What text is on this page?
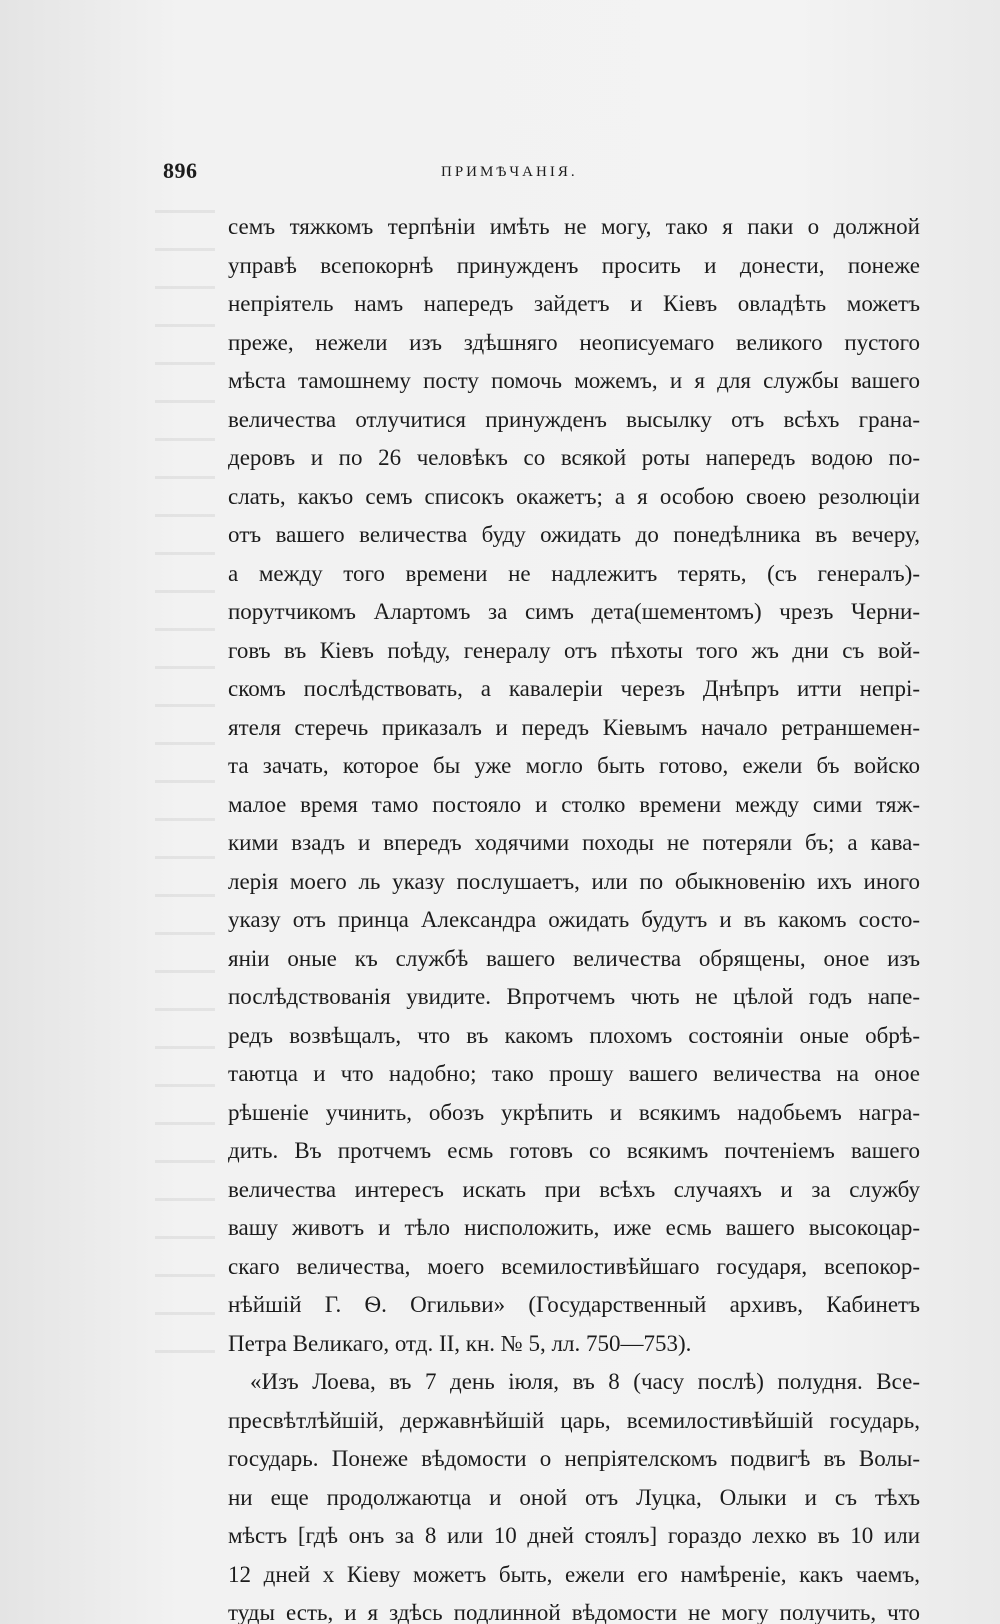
896	ПРИМѢЧАНІЯ.
семъ тяжкомъ терпѣніи имѣть не могу, тако я паки о должной
управѣ всепокорнѣ принужденъ просить и донести, понеже
непріятель намъ напередъ зайдетъ и Кіевъ овладѣть можетъ
преже, нежели изъ здѣшняго неописуемаго великого пустого
мѣста тамошнему посту помочь можемъ, и я для службы вашего
величества отлучитися принужденъ высылку отъ всѣхъ грана-
деровъ и по 26 человѣкъ со всякой роты напередъ водою по-
слать, какъо семъ списокъ окажетъ; а я особою своею резолюціи
отъ вашего величества буду ожидать до понедѣлника въ вечеру,
а между того времени не надлежитъ терять, (съ генералъ)-
порутчикомъ Алартомъ за симъ дета(шементомъ) чрезъ Черни-
говъ въ Кіевъ поѣду, генералу отъ пѣхоты того жъ дни съ вой-
скомъ послѣдствовать, а кавалеріи черезъ Днѣпръ итти непрі-
ятеля стеречь приказалъ и передъ Кіевымъ начало ретраншемен-
та зачать, которое бы уже могло быть готово, ежели бъ войско
малое время тамо постояло и столко времени между сими тяж-
кими взадъ и впередъ ходячими походы не потеряли бъ; а кава-
лерія моего ль указу послушаетъ, или по обыкновенію ихъ иного
указу отъ принца Александра ожидать будутъ и въ какомъ состо-
яніи оные къ службѣ вашего величества обрящены, оное изъ
послѣдствованія увидите. Впротчемъ чють не цѣлой годъ напе-
редъ возвѣщалъ, что въ какомъ плохомъ состояніи оные обрѣ-
таютца и что надобно; тако прошу вашего величества на оное
рѣшеніе учинить, обозъ укрѣпить и всякимъ надобьемъ награ-
дить. Въ протчемъ есмь готовъ со всякимъ почтеніемъ вашего
величества интересъ искать при всѣхъ случаяхъ и за службу
вашу животъ и тѣло нисположить, иже есмь вашего высокоцар-
скаго величества, моего всемилостивѣйшаго государя, всепокор-
нѣйшій Г. Ѳ. Огильви» (Государственный архивъ, Кабинетъ
Петра Великаго, отд. II, кн. № 5, лл. 750—753).
«Изъ Лоева, въ 7 день іюля, въ 8 (часу послѣ) полудня. Все-
пресвѣтлѣйшій, державнѣйшій царь, всемилостивѣйшій государь,
государь. Понеже вѣдомости о непріятелскомъ подвигѣ въ Волы-
ни еще продолжаютца и оной отъ Луцка, Олыки и съ тѣхъ
мѣстъ [гдѣ онъ за 8 или 10 дней стоялъ] гораздо лехко въ 10 или
12 дней х Кіеву можетъ быть, ежели его намѣреніе, какъ чаемъ,
туды есть, и я здѣсь подлинной вѣдомости не могу получить, что
